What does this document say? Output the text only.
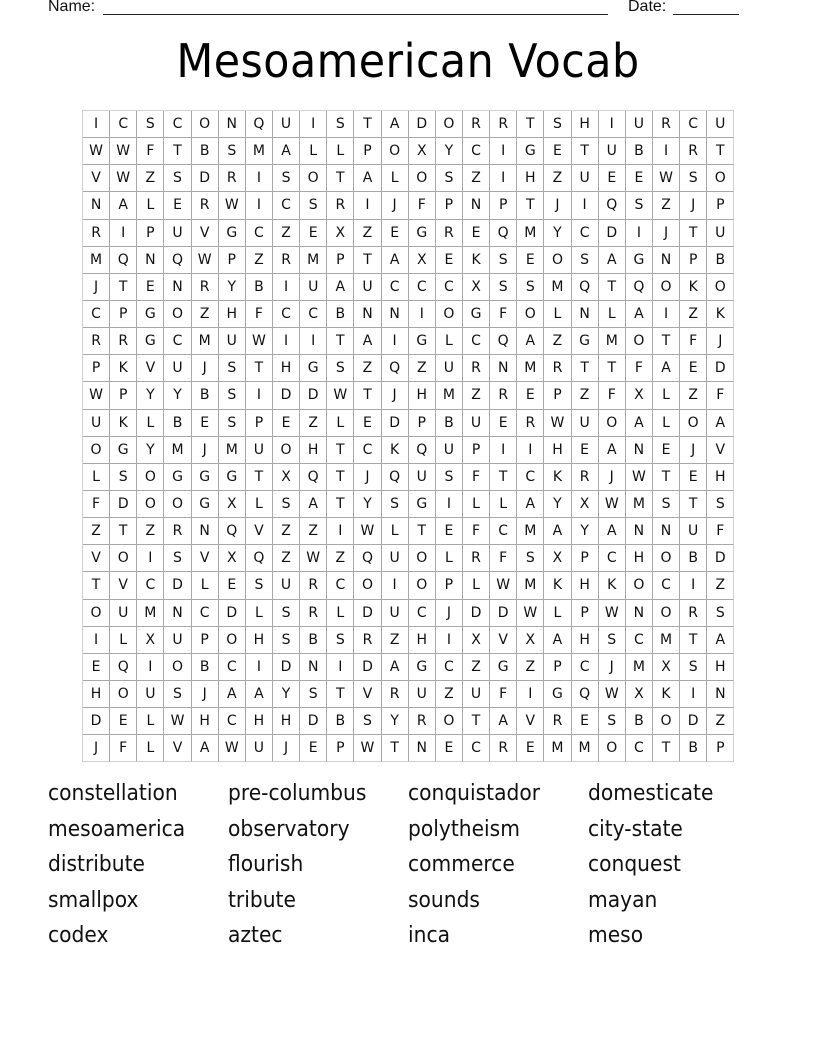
Name:	Date:
Mesoamerican Vocab
I	C	S	C	O	N	Q	U	I	S	T	A	D	O	R	R	T	S	H	I	U	R	C	U
W W	F	T	B	S	M	A	L	L	P	O	X	Y	C	I	G	E	T	U	B	I	R	T
V	W	Z	S	D	R	I	S	O	T	A	L	O	S	Z	I	H	Z	U	E	E	W	S	O
N	A	L	E	R	W	I	C	S	R	I	J	F	P	N	P	T	J	I	Q	S	Z	J	P
R	I	P	U	V	G	C	Z	E	X	Z	E	G	R	E	Q	M	Y	C	D	I	J	T	U
M	Q	N	Q	W	P	Z	R	M	P	T	A	X	E	K	S	E	O	S	A	G	N	P	B
J	T	E	N	R	Y	B	I	U	A	U	C	C	C	X	S	S	M	Q	T	Q	O	K	O
C	P	G	O	Z	H	F	C	C	B	N	N	I	O	G	F	O	L	N	L	A	I	Z	K
R	R	G	C	M	U	W	I	I	T	A	I	G	L	C	Q	A	Z	G	M	O	T	F	J
P	K	V	U	J	S	T	H	G	S	Z	Q	Z	U	R	N	M	R	T	T	F	A	E	D
W	P	Y	Y	B	S	I	D	D	W	T	J	H	M	Z	R	E	P	Z	F	X	L	Z	F
U	K	L	B	E	S	P	E	Z	L	E	D	P	B	U	E	R	W	U	O	A	L	O	A
O	G	Y	M	J	M	U	O	H	T	C	K	Q	U	P	I	I	H	E	A	N	E	J	V
L	S	O	G	G	G	T	X	Q	T	J	Q	U	S	F	T	C	K	R	J	W	T	E	H
F	D	O	O	G	X	L	S	A	T	Y	S	G	I	L	L	A	Y	X	W	M	S	T	S
Z	T	Z	R	N	Q	V	Z	Z	I	W	L	T	E	F	C	M	A	Y	A	N	N	U	F
V	O	I	S	V	X	Q	Z	W	Z	Q	U	O	L	R	F	S	X	P	C	H	O	B	D
T	V	C	D	L	E	S	U	R	C	O	I	O	P	L	W	M	K	H	K	O	C	I	Z
O	U	M	N	C	D	L	S	R	L	D	U	C	J	D	D	W	L	P	W	N	O	R	S
I	L	X	U	P	O	H	S	B	S	R	Z	H	I	X	V	X	A	H	S	C	M	T	A
E	Q	I	O	B	C	I	D	N	I	D	A	G	C	Z	G	Z	P	C	J	M	X	S	H
H	O	U	S	J	A	A	Y	S	T	V	R	U	Z	U	F	I	G	Q	W	X	K	I	N
D	E	L	W	H	C	H	H	D	B	S	Y	R	O	T	A	V	R	E	S	B	O	D	Z
J	F	L	V	A	W	U	J	E	P	W	T	N	E	C	R	E	M	M	O	C	T	B	P
constellation	pre-columbus	conquistador	domesticate
mesoamerica	observatory	polytheism	city-state
distribute	flourish	commerce	conquest
smallpox	tribute	sounds	mayan
codex	aztec	inca	meso
